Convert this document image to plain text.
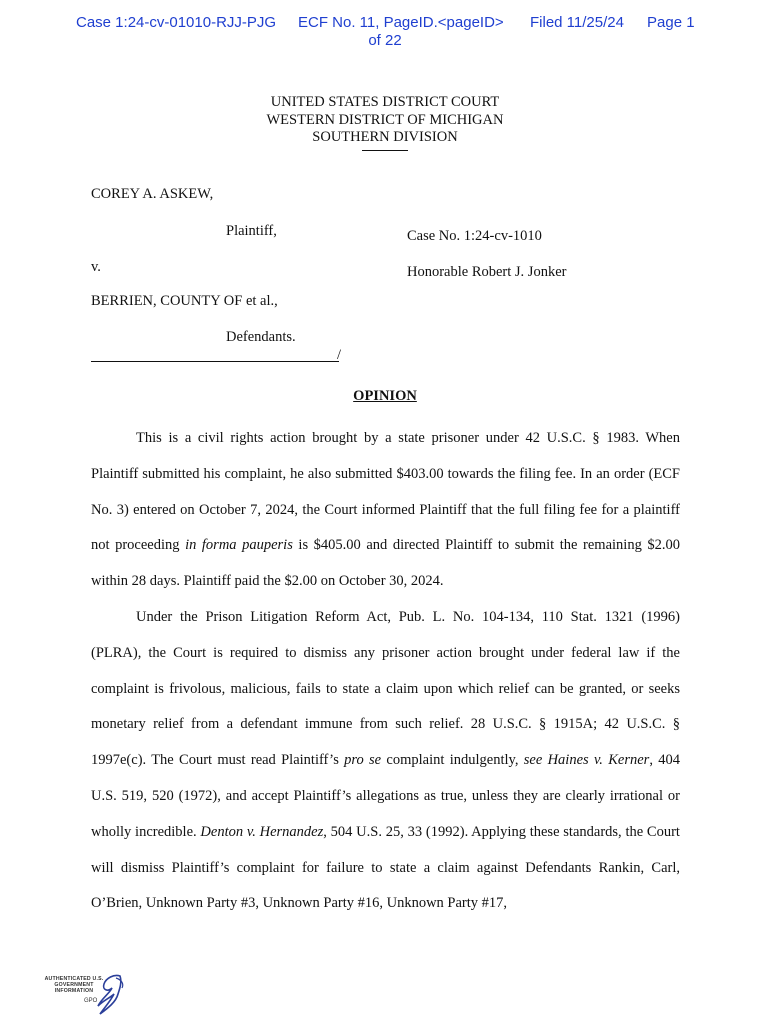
Case 1:24-cv-01010-RJJ-PJG ECF No. 11, PageID.<pageID> Filed 11/25/24 Page 1
of 22
UNITED STATES DISTRICT COURT
WESTERN DISTRICT OF MICHIGAN
SOUTHERN DIVISION
COREY A. ASKEW,
Plaintiff,	Case No. 1:24-cv-1010
v.	Honorable Robert J. Jonker
BERRIEN, COUNTY OF et al.,
Defendants.
/
OPINION

This is a civil rights action brought by a state prisoner under 42 U.S.C. § 1983. When Plaintiff submitted his complaint, he also submitted $403.00 towards the filing fee. In an order (ECF No. 3) entered on October 7, 2024, the Court informed Plaintiff that the full filing fee for a plaintiff not proceeding in forma pauperis is $405.00 and directed Plaintiff to submit the remaining $2.00 within 28 days. Plaintiff paid the $2.00 on October 30, 2024.

Under the Prison Litigation Reform Act, Pub. L. No. 104-134, 110 Stat. 1321 (1996) (PLRA), the Court is required to dismiss any prisoner action brought under federal law if the complaint is frivolous, malicious, fails to state a claim upon which relief can be granted, or seeks monetary relief from a defendant immune from such relief. 28 U.S.C. § 1915A; 42 U.S.C. § 1997e(c). The Court must read Plaintiff’s pro se complaint indulgently, see Haines v. Kerner, 404 U.S. 519, 520 (1972), and accept Plaintiff’s allegations as true, unless they are clearly irrational or wholly incredible. Denton v. Hernandez, 504 U.S. 25, 33 (1992). Applying these standards, the Court will dismiss Plaintiff’s complaint for failure to state a claim against Defendants Rankin, Carl, O’Brien, Unknown Party #3, Unknown Party #16, Unknown Party #17,

AUTHENTICATED U.S. GOVERNMENT INFORMATION
GPO
